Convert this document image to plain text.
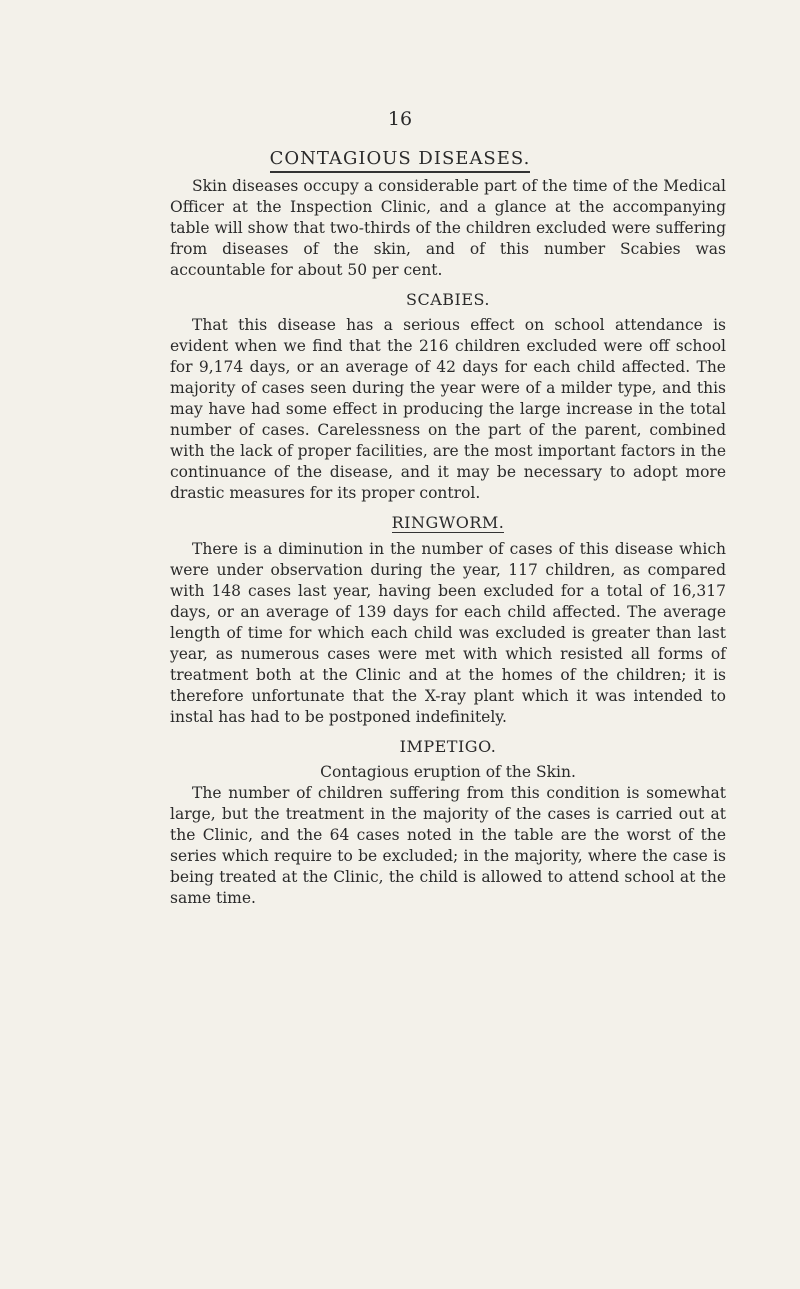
16
CONTAGIOUS DISEASES.

Skin diseases occupy a considerable part of the time of the Medical Officer at the Inspection Clinic, and a glance at the accompanying table will show that two-thirds of the children excluded were suffering from diseases of the skin, and of this number Scabies was accountable for about 50 per cent.

SCABIES.

That this disease has a serious effect on school attendance is evident when we find that the 216 children excluded were off school for 9,174 days, or an average of 42 days for each child affected. The majority of cases seen during the year were of a milder type, and this may have had some effect in producing the large increase in the total number of cases. Carelessness on the part of the parent, combined with the lack of proper facilities, are the most important factors in the continuance of the disease, and it may be necessary to adopt more drastic measures for its proper control.

RINGWORM.

There is a diminution in the number of cases of this disease which were under observation during the year, 117 children, as compared with 148 cases last year, having been excluded for a total of 16,317 days, or an average of 139 days for each child affected. The average length of time for which each child was excluded is greater than last year, as numerous cases were met with which resisted all forms of treatment both at the Clinic and at the homes of the children; it is therefore unfortunate that the X-ray plant which it was intended to instal has had to be postponed indefinitely.

IMPETIGO.

Contagious eruption of the Skin.

The number of children suffering from this condition is somewhat large, but the treatment in the majority of the cases is carried out at the Clinic, and the 64 cases noted in the table are the worst of the series which require to be excluded; in the majority, where the case is being treated at the Clinic, the child is allowed to attend school at the same time.
